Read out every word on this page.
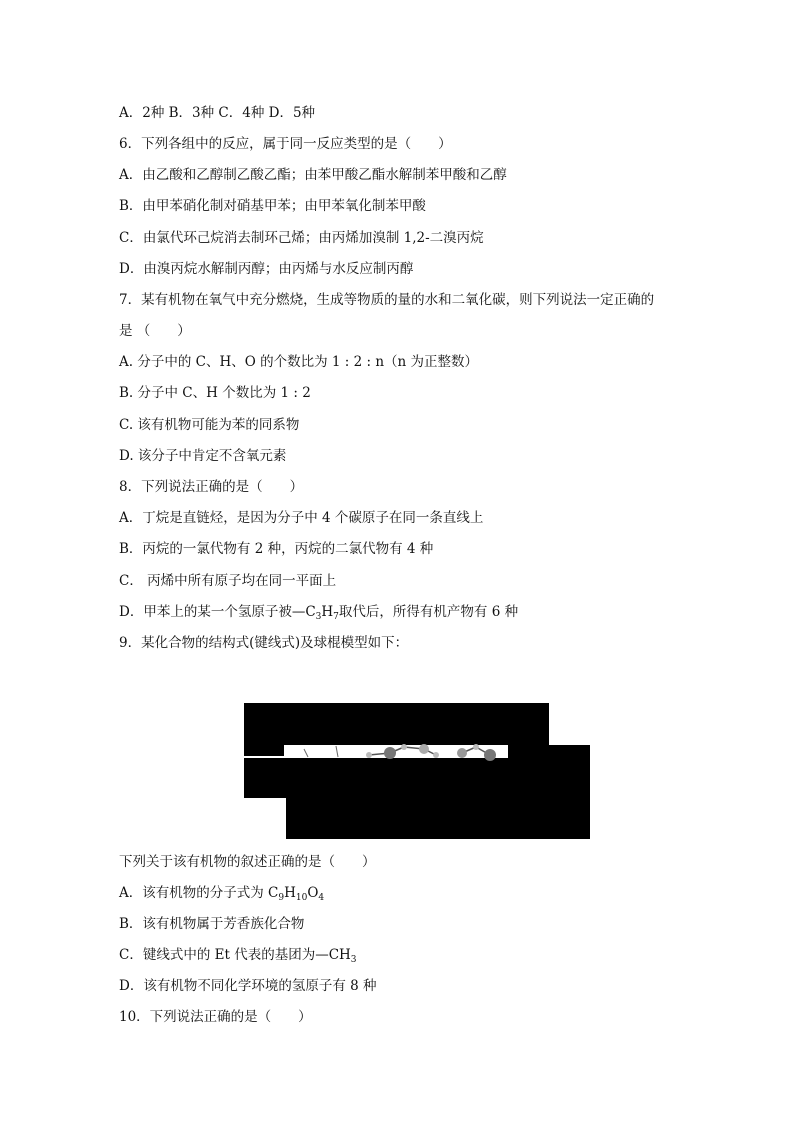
A．2种 B．3种 C．4种 D．5种
6．下列各组中的反应，属于同一反应类型的是（　　）
A．由乙酸和乙醇制乙酸乙酯；由苯甲酸乙酯水解制苯甲酸和乙醇
B．由甲苯硝化制对硝基甲苯；由甲苯氧化制苯甲酸
C．由氯代环己烷消去制环己烯；由丙烯加溴制 1,2-二溴丙烷
D．由溴丙烷水解制丙醇；由丙烯与水反应制丙醇
7．某有机物在氧气中充分燃烧，生成等物质的量的水和二氧化碳，则下列说法一定正确的
是 （　　）
A. 分子中的 C、H、O 的个数比为 1 : 2 : n（n 为正整数）
B. 分子中 C、H 个数比为 1 : 2
C. 该有机物可能为苯的同系物
D. 该分子中肯定不含氧元素
8．下列说法正确的是（　　）
A．丁烷是直链烃，是因为分子中 4 个碳原子在同一条直线上
B．丙烷的一氯代物有 2 种，丙烷的二氯代物有 4 种
C． 丙烯中所有原子均在同一平面上
D．甲苯上的某一个氢原子被$—C_3H_7$取代后，所得有机产物有 6 种
9．某化合物的结构式(键线式)及球棍模型如下：
下列关于该有机物的叙述正确的是（　　）
A．该有机物的分子式为 $C_9H_{10}O_4$
B．该有机物属于芳香族化合物
C．键线式中的 Et 代表的基团为$—CH_3$
D．该有机物不同化学环境的氢原子有 8 种
10．下列说法正确的是（　　）
